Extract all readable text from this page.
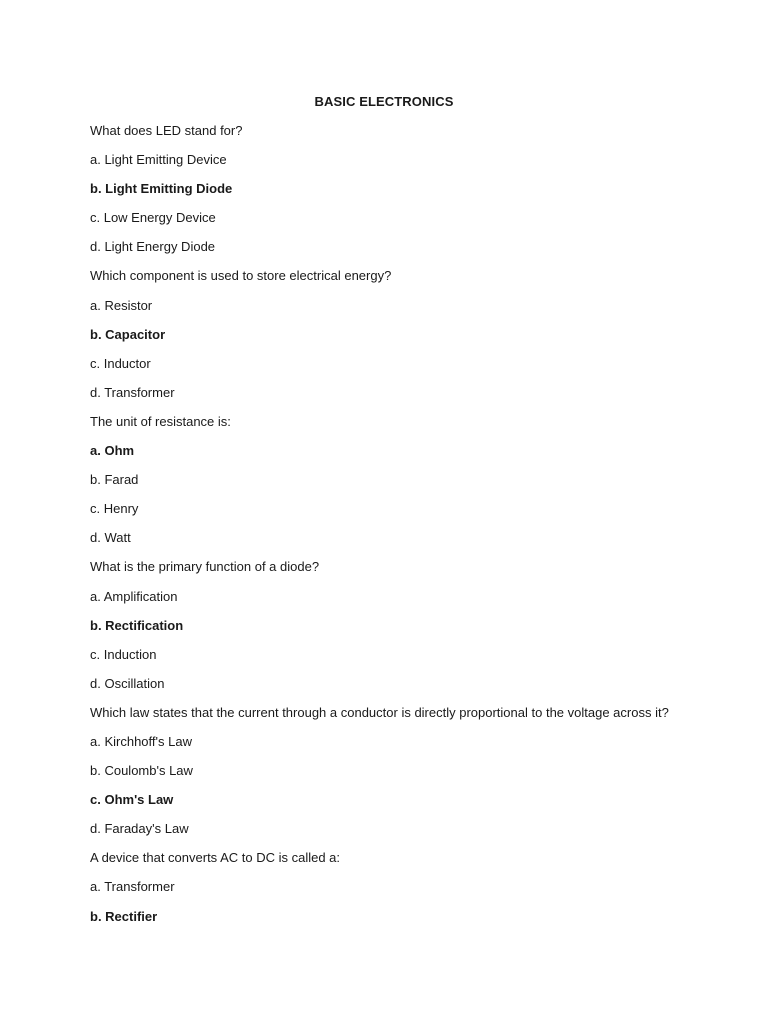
BASIC ELECTRONICS
What does LED stand for?
a. Light Emitting Device
b. Light Emitting Diode
c. Low Energy Device
d. Light Energy Diode
Which component is used to store electrical energy?
a. Resistor
b. Capacitor
c. Inductor
d. Transformer
The unit of resistance is:
a. Ohm
b. Farad
c. Henry
d. Watt
What is the primary function of a diode?
a. Amplification
b. Rectification
c. Induction
d. Oscillation
Which law states that the current through a conductor is directly proportional to the voltage across it?
a. Kirchhoff's Law
b. Coulomb's Law
c. Ohm's Law
d. Faraday's Law
A device that converts AC to DC is called a:
a. Transformer
b. Rectifier
